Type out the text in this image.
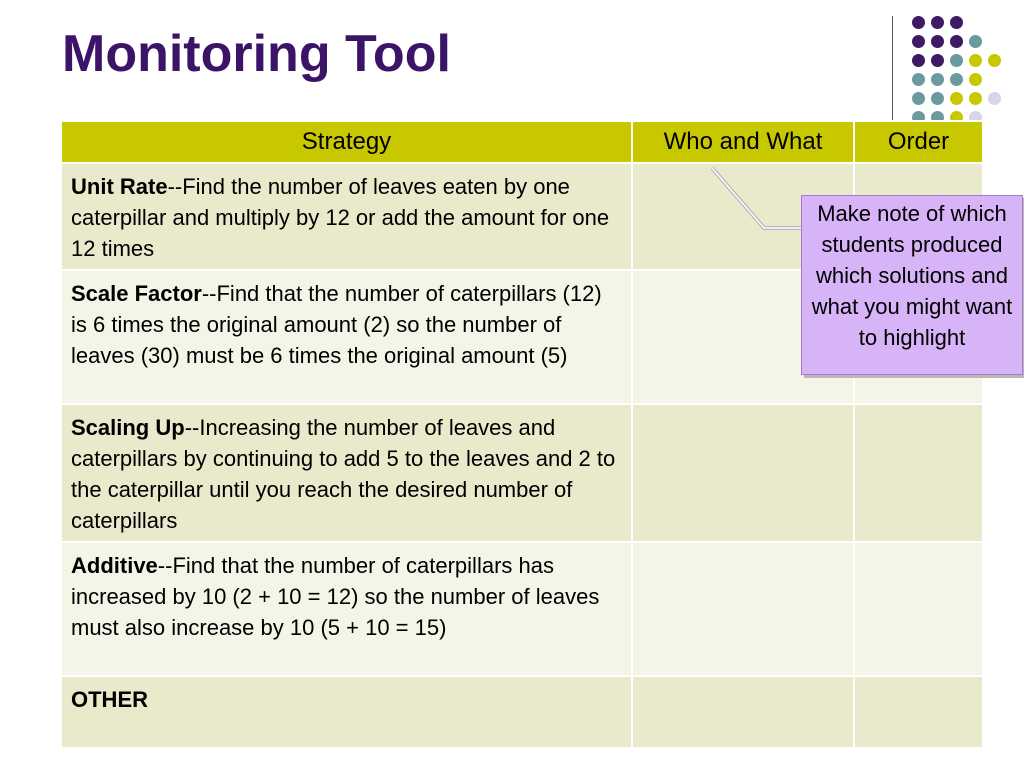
Monitoring Tool
Strategy	Who and What	Order
Unit Rate--Find the number of leaves eaten by one caterpillar and multiply by 12 or add the amount for one 12 times		
Scale Factor--Find that the number of caterpillars (12) is 6 times the original amount (2) so the number of leaves (30) must be 6 times the original amount (5)		
Scaling Up--Increasing the number of leaves and caterpillars by continuing to add 5 to the leaves and 2 to the caterpillar until you reach the desired number of caterpillars		
Additive--Find that the number of caterpillars has increased by 10 (2 + 10 = 12) so the number of leaves must also increase by 10 (5 + 10 = 15)		
OTHER		
Make note of which students produced which solutions and what you might want to highlight
